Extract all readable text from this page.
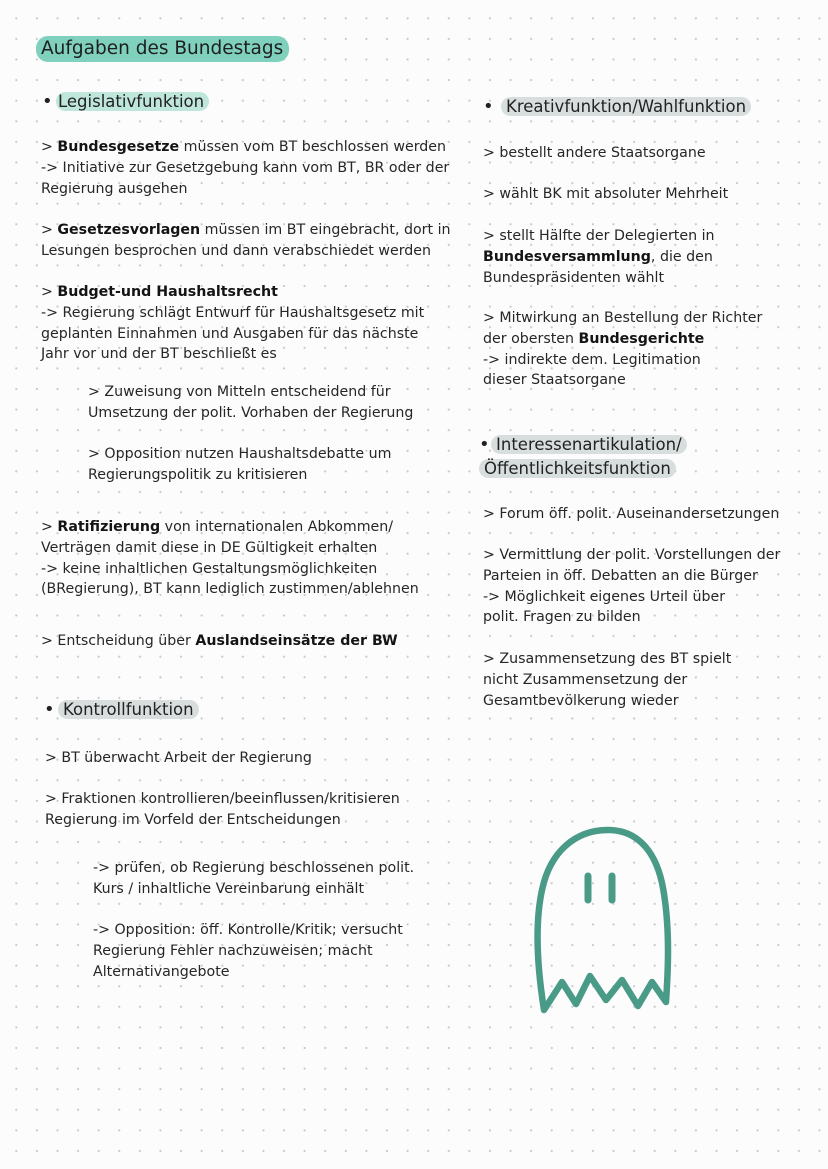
Aufgaben des Bundestags
• Legislativfunktion
> Bundesgesetze müssen vom BT beschlossen werden
-> Initiative zur Gesetzgebung kann vom BT, BR oder der
Regierung ausgehen
> Gesetzesvorlagen müssen im BT eingebracht, dort in
Lesungen besprochen und dann verabschiedet werden
> Budget-und Haushaltsrecht
-> Regierung schlägt Entwurf für Haushaltsgesetz mit
geplanten Einnahmen und Ausgaben für das nächste
Jahr vor und der BT beschließt es
> Zuweisung von Mitteln entscheidend für
Umsetzung der polit. Vorhaben der Regierung
> Opposition nutzen Haushaltsdebatte um
Regierungspolitik zu kritisieren
> Ratifizierung von internationalen Abkommen/
Verträgen damit diese in DE Gültigkeit erhalten
-> keine inhaltlichen Gestaltungsmöglichkeiten
(BRegierung), BT kann lediglich zustimmen/ablehnen
> Entscheidung über Auslandseinsätze der BW
• Kontrollfunktion
> BT überwacht Arbeit der Regierung
> Fraktionen kontrollieren/beeinflussen/kritisieren
Regierung im Vorfeld der Entscheidungen
-> prüfen, ob Regierung beschlossenen polit.
Kurs / inhaltliche Vereinbarung einhält
-> Opposition: öff. Kontrolle/Kritik; versucht
Regierung Fehler nachzuweisen; macht
Alternativangebote
• Kreativfunktion/Wahlfunktion
> bestellt andere Staatsorgane
> wählt BK mit absoluter Mehrheit
> stellt Hälfte der Delegierten in
Bundesversammlung, die den
Bundespräsidenten wählt
> Mitwirkung an Bestellung der Richter
der obersten Bundesgerichte
-> indirekte dem. Legitimation
dieser Staatsorgane
• Interessenartikulation/
Öffentlichkeitsfunktion
> Forum öff. polit. Auseinandersetzungen
> Vermittlung der polit. Vorstellungen der
Parteien in öff. Debatten an die Bürger
-> Möglichkeit eigenes Urteil über
polit. Fragen zu bilden
> Zusammensetzung des BT spielt
nicht Zusammensetzung der
Gesamtbevölkerung wieder
